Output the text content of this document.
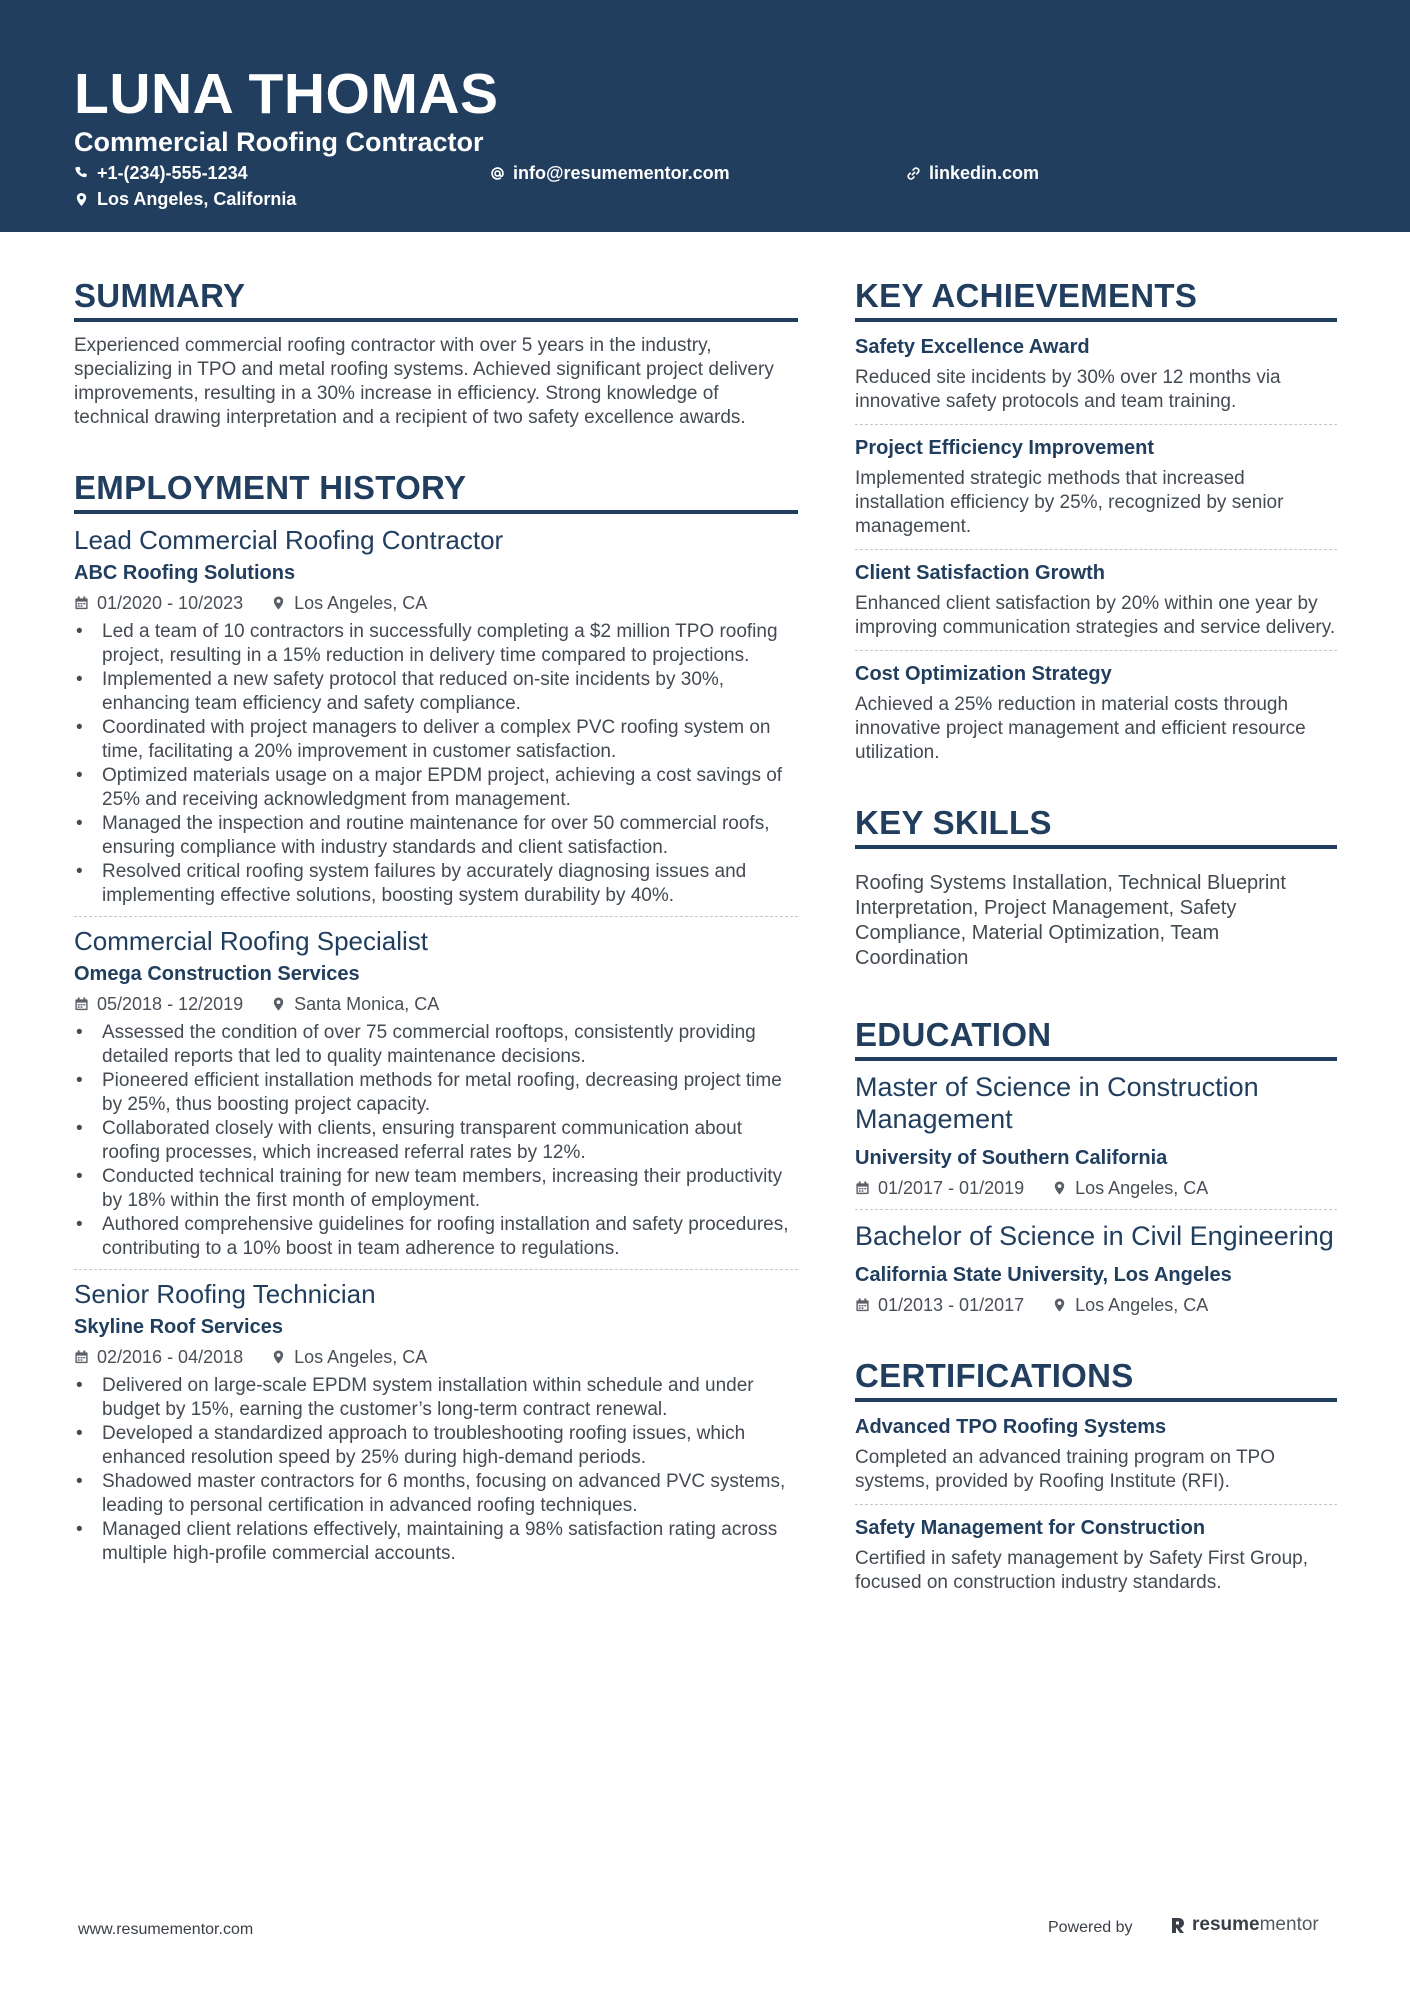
LUNA THOMAS
Commercial Roofing Contractor
+1-(234)-555-1234	info@resumementor.com	linkedin.com
Los Angeles, California
SUMMARY
Experienced commercial roofing contractor with over 5 years in the industry, specializing in TPO and metal roofing systems. Achieved significant project delivery improvements, resulting in a 30% increase in efficiency. Strong knowledge of technical drawing interpretation and a recipient of two safety excellence awards.
EMPLOYMENT HISTORY
Lead Commercial Roofing Contractor
ABC Roofing Solutions
01/2020 - 10/2023	Los Angeles, CA
• Led a team of 10 contractors in successfully completing a $2 million TPO roofing project, resulting in a 15% reduction in delivery time compared to projections.
• Implemented a new safety protocol that reduced on-site incidents by 30%, enhancing team efficiency and safety compliance.
• Coordinated with project managers to deliver a complex PVC roofing system on time, facilitating a 20% improvement in customer satisfaction.
• Optimized materials usage on a major EPDM project, achieving a cost savings of 25% and receiving acknowledgment from management.
• Managed the inspection and routine maintenance for over 50 commercial roofs, ensuring compliance with industry standards and client satisfaction.
• Resolved critical roofing system failures by accurately diagnosing issues and implementing effective solutions, boosting system durability by 40%.
Commercial Roofing Specialist
Omega Construction Services
05/2018 - 12/2019	Santa Monica, CA
• Assessed the condition of over 75 commercial rooftops, consistently providing detailed reports that led to quality maintenance decisions.
• Pioneered efficient installation methods for metal roofing, decreasing project time by 25%, thus boosting project capacity.
• Collaborated closely with clients, ensuring transparent communication about roofing processes, which increased referral rates by 12%.
• Conducted technical training for new team members, increasing their productivity by 18% within the first month of employment.
• Authored comprehensive guidelines for roofing installation and safety procedures, contributing to a 10% boost in team adherence to regulations.
Senior Roofing Technician
Skyline Roof Services
02/2016 - 04/2018	Los Angeles, CA
• Delivered on large-scale EPDM system installation within schedule and under budget by 15%, earning the customer’s long-term contract renewal.
• Developed a standardized approach to troubleshooting roofing issues, which enhanced resolution speed by 25% during high-demand periods.
• Shadowed master contractors for 6 months, focusing on advanced PVC systems, leading to personal certification in advanced roofing techniques.
• Managed client relations effectively, maintaining a 98% satisfaction rating across multiple high-profile commercial accounts.
KEY ACHIEVEMENTS
Safety Excellence Award
Reduced site incidents by 30% over 12 months via innovative safety protocols and team training.
Project Efficiency Improvement
Implemented strategic methods that increased installation efficiency by 25%, recognized by senior management.
Client Satisfaction Growth
Enhanced client satisfaction by 20% within one year by improving communication strategies and service delivery.
Cost Optimization Strategy
Achieved a 25% reduction in material costs through innovative project management and efficient resource utilization.
KEY SKILLS
Roofing Systems Installation, Technical Blueprint Interpretation, Project Management, Safety Compliance, Material Optimization, Team Coordination
EDUCATION
Master of Science in Construction Management
University of Southern California
01/2017 - 01/2019	Los Angeles, CA
Bachelor of Science in Civil Engineering
California State University, Los Angeles
01/2013 - 01/2017	Los Angeles, CA
CERTIFICATIONS
Advanced TPO Roofing Systems
Completed an advanced training program on TPO systems, provided by Roofing Institute (RFI).
Safety Management for Construction
Certified in safety management by Safety First Group, focused on construction industry standards.
www.resumementor.com	Powered by	resumementor
